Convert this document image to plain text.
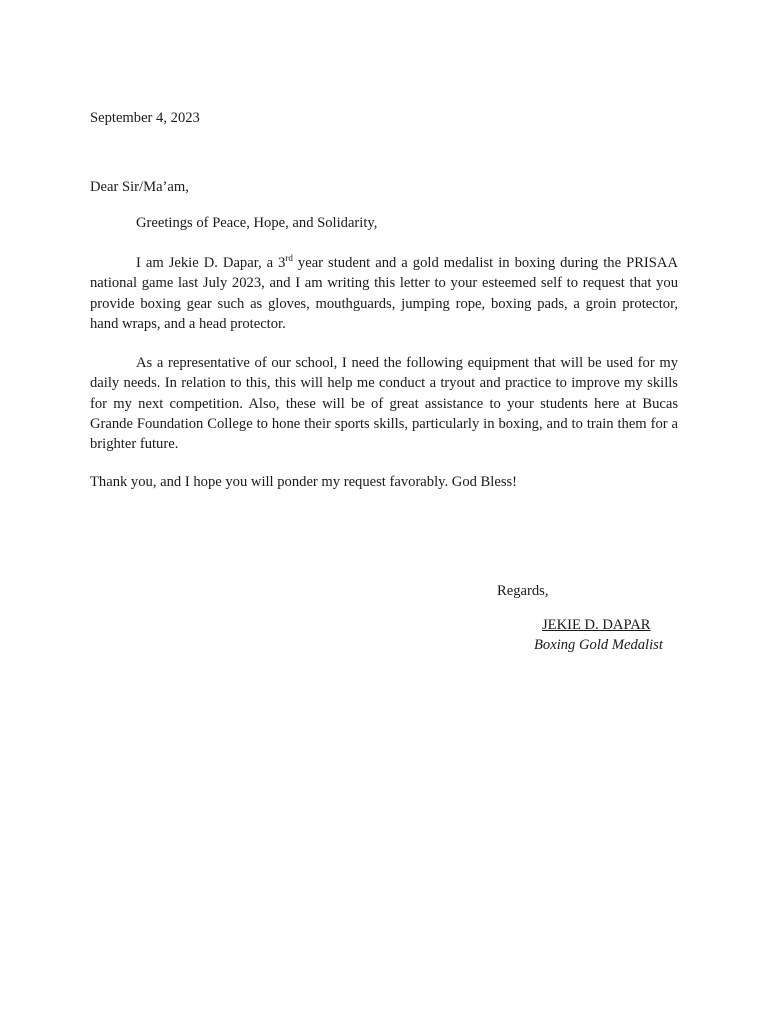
September 4, 2023
Dear Sir/Ma’am,
Greetings of Peace, Hope, and Solidarity,

I am Jekie D. Dapar, a 3rd year student and a gold medalist in boxing during the PRISAA national game last July 2023, and I am writing this letter to your esteemed self to request that you provide boxing gear such as gloves, mouthguards, jumping rope, boxing pads, a groin protector, hand wraps, and a head protector.

As a representative of our school, I need the following equipment that will be used for my daily needs. In relation to this, this will help me conduct a tryout and practice to improve my skills for my next competition. Also, these will be of great assistance to your students here at Bucas Grande Foundation College to hone their sports skills, particularly in boxing, and to train them for a brighter future.

Thank you, and I hope you will ponder my request favorably. God Bless!
Regards,
JEKIE D. DAPAR
Boxing Gold Medalist
